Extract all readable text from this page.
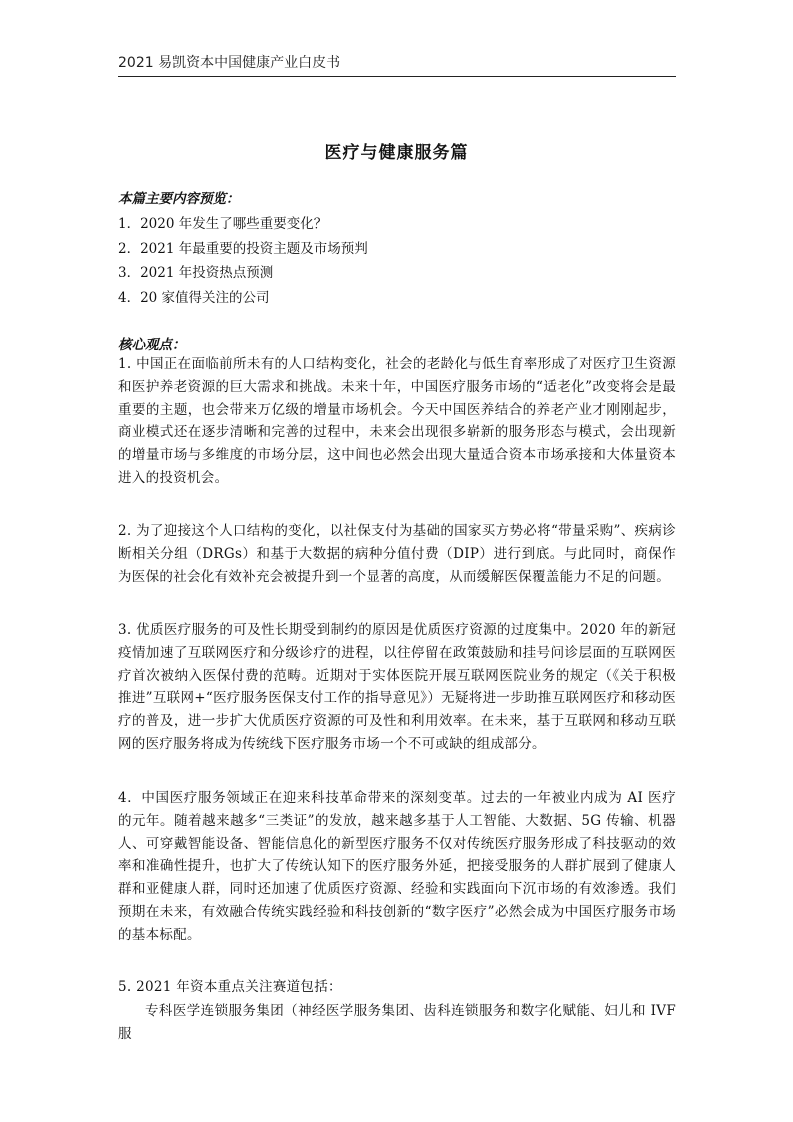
2021 易凯资本中国健康产业白皮书
医疗与健康服务篇
本篇主要内容预览：
1．2020 年发生了哪些重要变化？
2．2021 年最重要的投资主题及市场预判
3．2021 年投资热点预测
4．20 家值得关注的公司
核心观点：

1. 中国正在面临前所未有的人口结构变化，社会的老龄化与低生育率形成了对医疗卫生资源和医护养老资源的巨大需求和挑战。未来十年，中国医疗服务市场的“适老化”改变将会是最重要的主题，也会带来万亿级的增量市场机会。今天中国医养结合的养老产业才刚刚起步，商业模式还在逐步清晰和完善的过程中，未来会出现很多崭新的服务形态与模式，会出现新的增量市场与多维度的市场分层，这中间也必然会出现大量适合资本市场承接和大体量资本进入的投资机会。

2. 为了迎接这个人口结构的变化，以社保支付为基础的国家买方势必将“带量采购”、疾病诊断相关分组（DRGs）和基于大数据的病种分值付费（DIP）进行到底。与此同时，商保作为医保的社会化有效补充会被提升到一个显著的高度，从而缓解医保覆盖能力不足的问题。

3. 优质医疗服务的可及性长期受到制约的原因是优质医疗资源的过度集中。2020 年的新冠疫情加速了互联网医疗和分级诊疗的进程，以往停留在政策鼓励和挂号问诊层面的互联网医疗首次被纳入医保付费的范畴。近期对于实体医院开展互联网医院业务的规定（《关于积极推进”互联网+“医疗服务医保支付工作的指导意见》）无疑将进一步助推互联网医疗和移动医疗的普及，进一步扩大优质医疗资源的可及性和利用效率。在未来，基于互联网和移动互联网的医疗服务将成为传统线下医疗服务市场一个不可或缺的组成部分。

4．中国医疗服务领域正在迎来科技革命带来的深刻变革。过去的一年被业内成为 AI 医疗的元年。随着越来越多“三类证”的发放，越来越多基于人工智能、大数据、5G 传输、机器人、可穿戴智能设备、智能信息化的新型医疗服务不仅对传统医疗服务形成了科技驱动的效率和准确性提升，也扩大了传统认知下的医疗服务外延，把接受服务的人群扩展到了健康人群和亚健康人群，同时还加速了优质医疗资源、经验和实践面向下沉市场的有效渗透。我们预期在未来，有效融合传统实践经验和科技创新的“数字医疗”必然会成为中国医疗服务市场的基本标配。

5. 2021 年资本重点关注赛道包括：

专科医学连锁服务集团（神经医学服务集团、齿科连锁服务和数字化赋能、妇儿和 IVF 服
